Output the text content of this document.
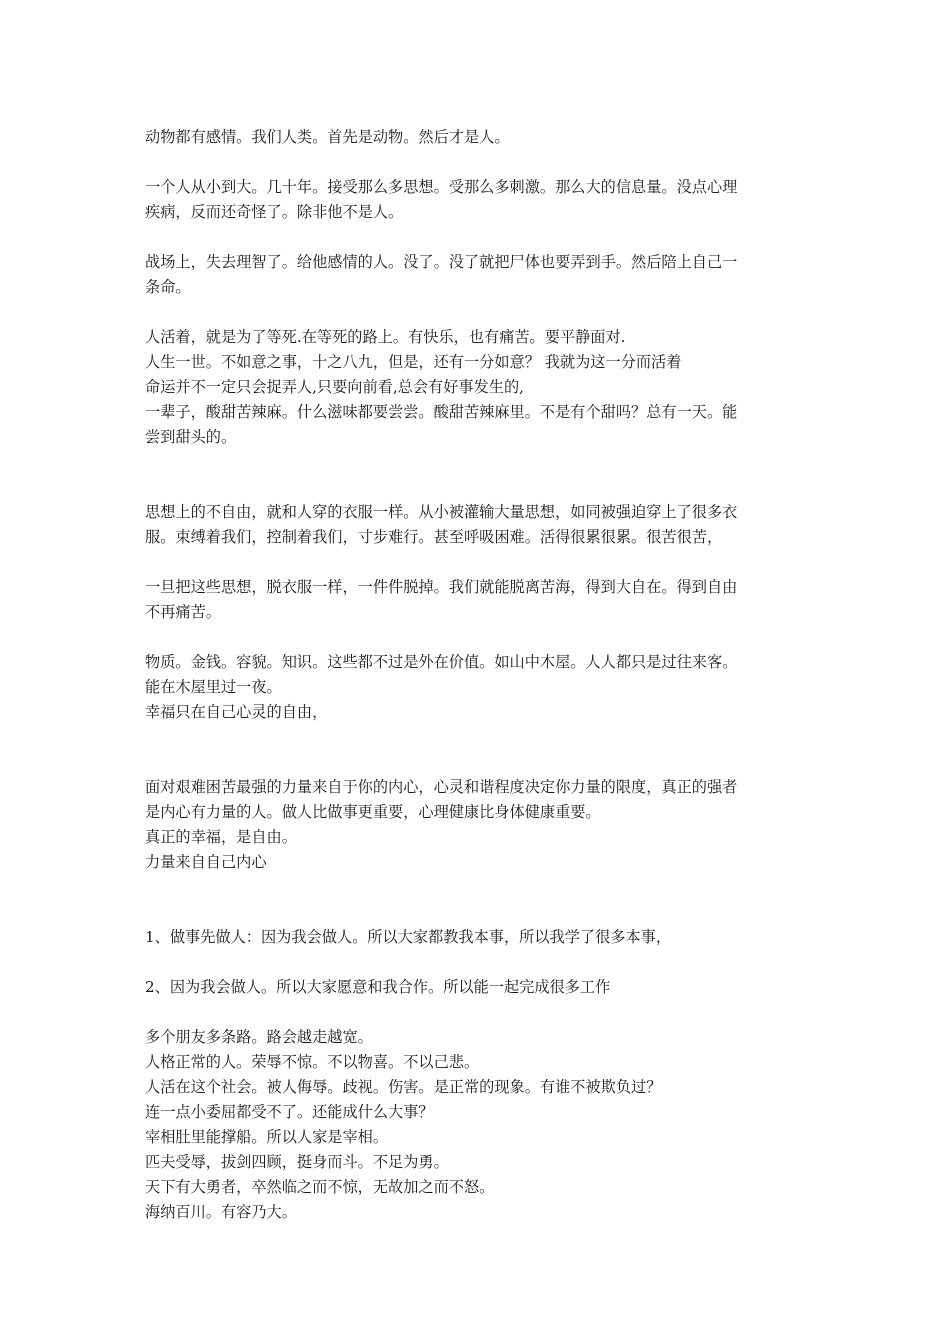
动物都有感情。我们人类。首先是动物。然后才是人。
一个人从小到大。几十年。接受那么多思想。受那么多刺激。那么大的信息量。没点心理
疾病，反而还奇怪了。除非他不是人。
战场上，失去理智了。给他感情的人。没了。没了就把尸体也要弄到手。然后陪上自己一
条命。
人活着，就是为了等死.在等死的路上。有快乐，也有痛苦。要平静面对.
人生一世。不如意之事，十之八九，但是，还有一分如意？ 我就为这一分而活着
命运并不一定只会捉弄人,只要向前看,总会有好事发生的,
一辈子，酸甜苦辣麻。什么滋味都要尝尝。酸甜苦辣麻里。不是有个甜吗？总有一天。能
尝到甜头的。
思想上的不自由，就和人穿的衣服一样。从小被灌输大量思想，如同被强迫穿上了很多衣
服。束缚着我们，控制着我们，寸步难行。甚至呼吸困难。活得很累很累。很苦很苦，
一旦把这些思想，脱衣服一样，一件件脱掉。我们就能脱离苦海，得到大自在。得到自由
不再痛苦。
物质。金钱。容貌。知识。这些都不过是外在价值。如山中木屋。人人都只是过往来客。
能在木屋里过一夜。
幸福只在自己心灵的自由，
面对艰难困苦最强的力量来自于你的内心，心灵和谐程度决定你力量的限度，真正的强者
是内心有力量的人。做人比做事更重要，心理健康比身体健康重要。
真正的幸福，是自由。
力量来自自己内心
1、做事先做人：因为我会做人。所以大家都教我本事，所以我学了很多本事，
2、因为我会做人。所以大家愿意和我合作。所以能一起完成很多工作
多个朋友多条路。路会越走越宽。
人格正常的人。荣辱不惊。不以物喜。不以己悲。
人活在这个社会。被人侮辱。歧视。伤害。是正常的现象。有谁不被欺负过？
连一点小委屈都受不了。还能成什么大事？
宰相肚里能撑船。所以人家是宰相。
匹夫受辱，拔剑四顾，挺身而斗。不足为勇。
天下有大勇者，卒然临之而不惊，无故加之而不怒。
海纳百川。有容乃大。
